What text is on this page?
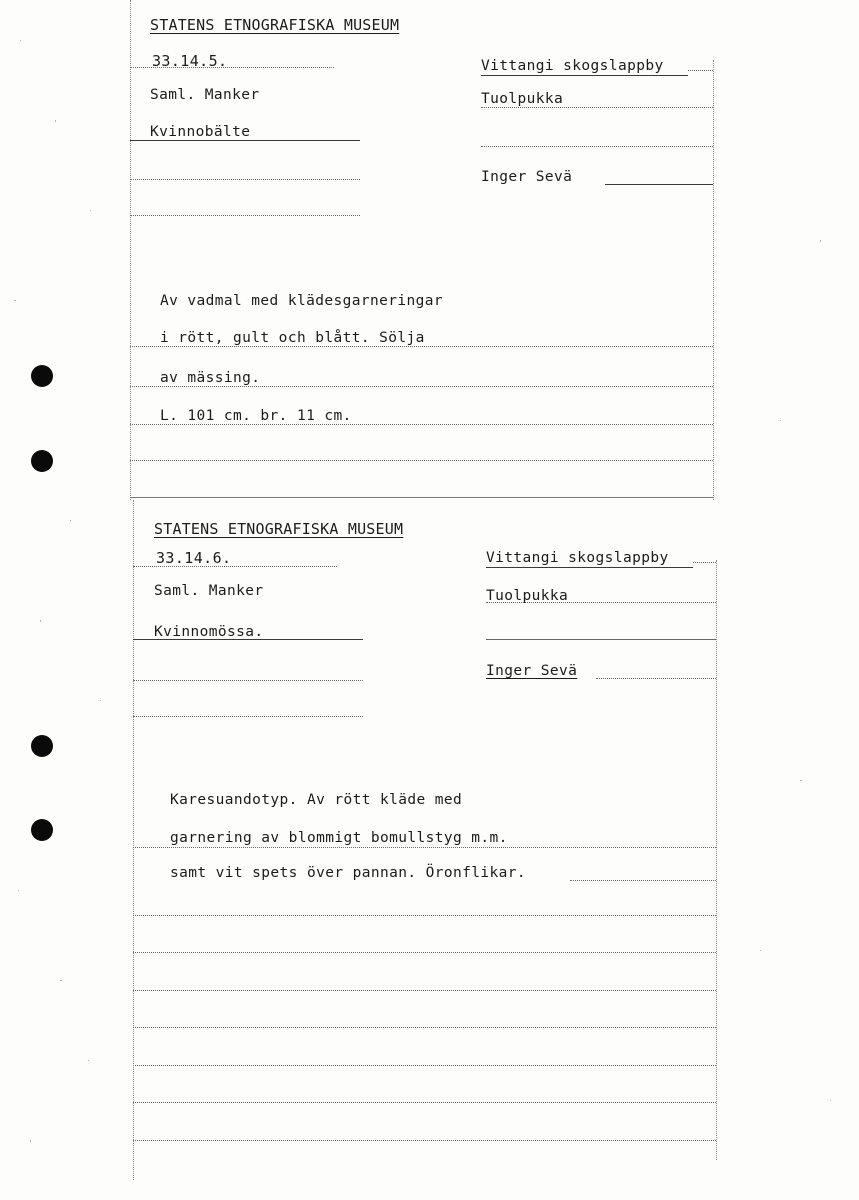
STATENS ETNOGRAFISKA MUSEUM
33.14.5.
Saml. Manker
Kvinnobälte
Vittangi skogslappby
Tuolpukka
Inger Sevä
Av vadmal med klädesgarneringar
i rött, gult och blått. Sölja
av mässing.
L. 101 cm. br. 11 cm.
STATENS ETNOGRAFISKA MUSEUM
33.14.6.
Saml. Manker
Kvinnomössa.
Vittangi skogslappby
Tuolpukka
Inger Sevä
Karesuandotyp. Av rött kläde med
garnering av blommigt bomullstyg m.m.
samt vit spets över pannan. Öronflikar.
